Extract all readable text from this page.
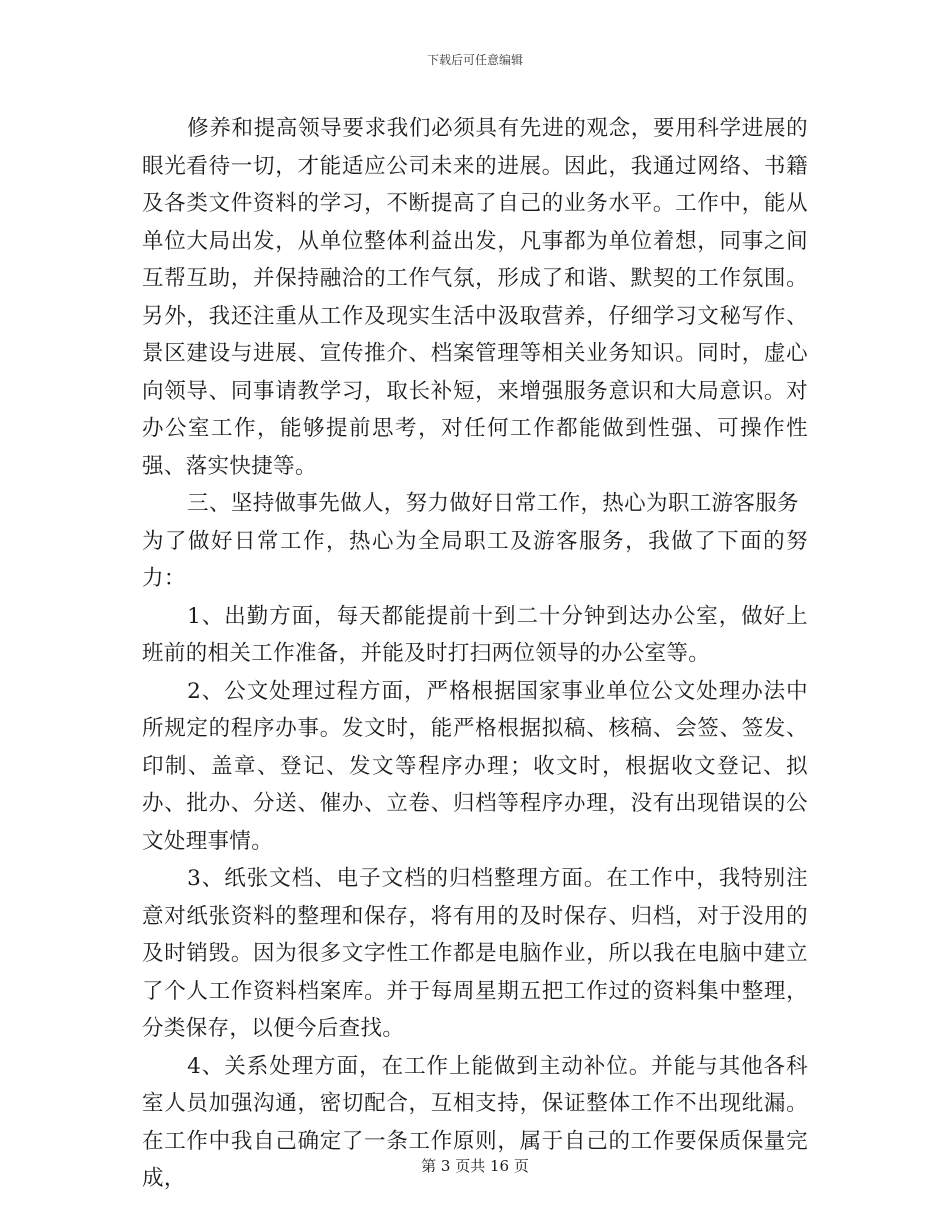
下载后可任意编辑

修养和提高领导要求我们必须具有先进的观念，要用科学进展的眼光看待一切，才能适应公司未来的进展。因此，我通过网络、书籍及各类文件资料的学习，不断提高了自己的业务水平。工作中，能从单位大局出发，从单位整体利益出发，凡事都为单位着想，同事之间互帮互助，并保持融洽的工作气氛，形成了和谐、默契的工作氛围。另外，我还注重从工作及现实生活中汲取营养，仔细学习文秘写作、景区建设与进展、宣传推介、档案管理等相关业务知识。同时，虚心向领导、同事请教学习，取长补短，来增强服务意识和大局意识。对办公室工作，能够提前思考，对任何工作都能做到性强、可操作性强、落实快捷等。

三、坚持做事先做人，努力做好日常工作，热心为职工游客服务

为了做好日常工作，热心为全局职工及游客服务，我做了下面的努力：

1、出勤方面，每天都能提前十到二十分钟到达办公室，做好上班前的相关工作准备，并能及时打扫两位领导的办公室等。

2、公文处理过程方面，严格根据国家事业单位公文处理办法中所规定的程序办事。发文时，能严格根据拟稿、核稿、会签、签发、印制、盖章、登记、发文等程序办理；收文时，根据收文登记、拟办、批办、分送、催办、立卷、归档等程序办理，没有出现错误的公文处理事情。

3、纸张文档、电子文档的归档整理方面。在工作中，我特别注意对纸张资料的整理和保存，将有用的及时保存、归档，对于没用的及时销毁。因为很多文字性工作都是电脑作业，所以我在电脑中建立了个人工作资料档案库。并于每周星期五把工作过的资料集中整理，分类保存，以便今后查找。

4、关系处理方面，在工作上能做到主动补位。并能与其他各科室人员加强沟通，密切配合，互相支持，保证整体工作不出现纰漏。在工作中我自己确定了一条工作原则，属于自己的工作要保质保量完成，	第 3 页共 16 页
